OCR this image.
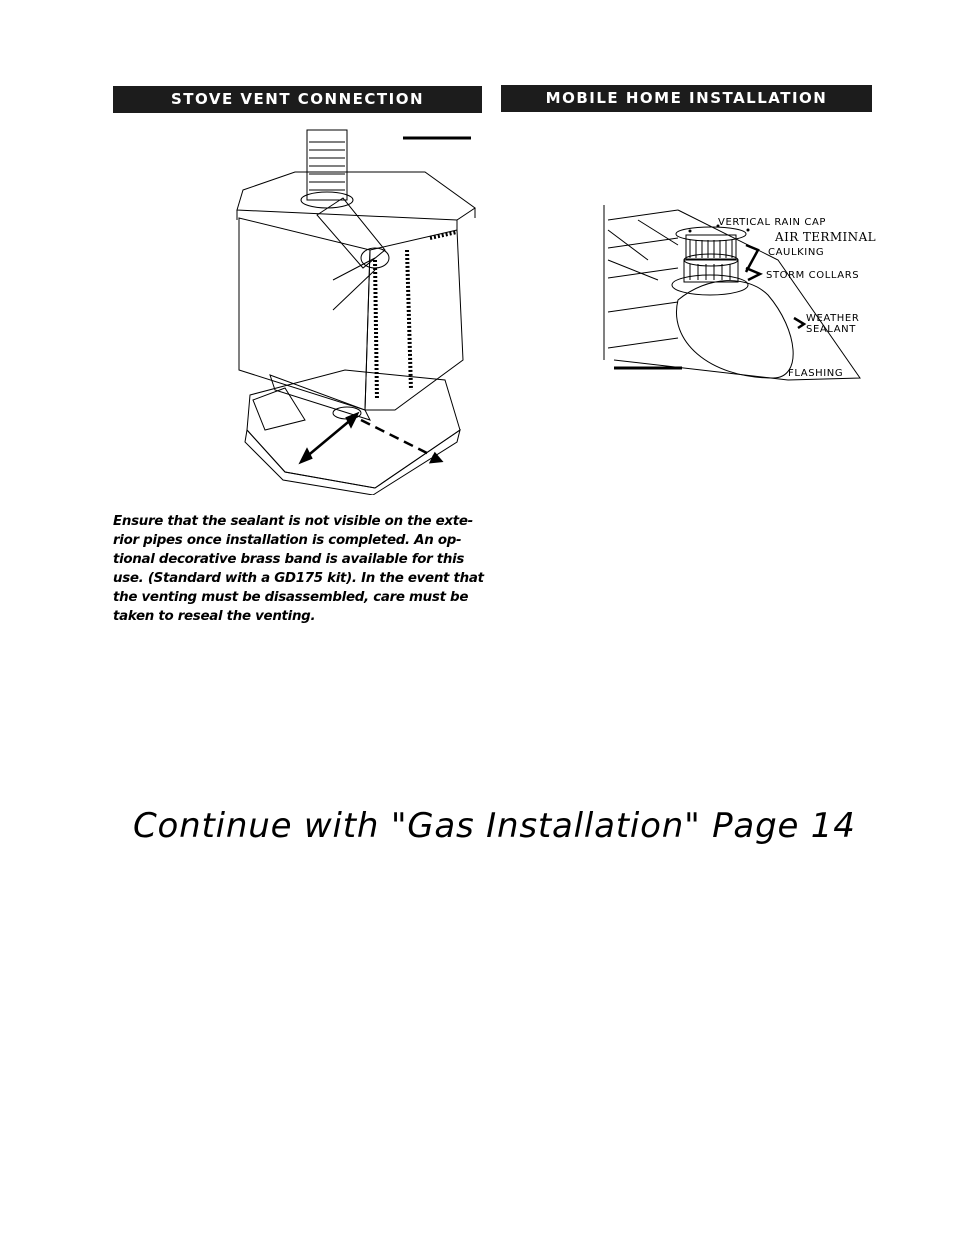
STOVE VENT CONNECTION	MOBILE HOME INSTALLATION
Ensure that the sealant is not visible on the exte-rior pipes once installation is completed. An op-tional decorative brass band is available for this use. (Standard with a GD175 kit). In the event that the venting must be disassembled, care must be taken to reseal the venting.
VERTICAL RAIN CAP
AIR TERMINAL
CAULKING
STORM COLLARS
WEATHER
SEALANT
FLASHING
Continue with "Gas Installation" Page 14
